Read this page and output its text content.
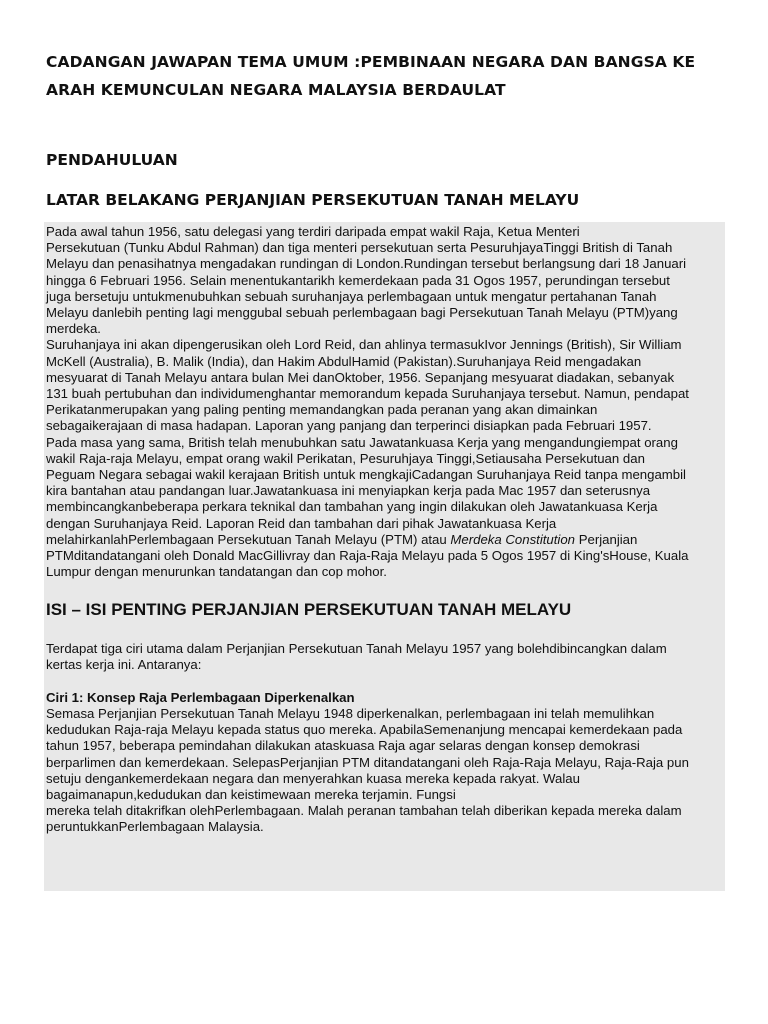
CADANGAN JAWAPAN TEMA UMUM :PEMBINAAN NEGARA DAN BANGSA KE ARAH KEMUNCULAN NEGARA MALAYSIA BERDAULAT
PENDAHULUAN
LATAR BELAKANG PERJANJIAN PERSEKUTUAN TANAH MELAYU

Pada awal tahun 1956, satu delegasi yang terdiri daripada empat wakil Raja, Ketua Menteri
Persekutuan (Tunku Abdul Rahman) dan tiga menteri persekutuan serta PesuruhjayaTinggi British di Tanah
Melayu dan penasihatnya mengadakan rundingan di London.Rundingan tersebut berlangsung dari 18 Januari
hingga 6 Februari 1956. Selain menentukantarikh kemerdekaan pada 31 Ogos 1957, perundingan tersebut
juga bersetuju untukmenubuhkan sebuah suruhanjaya perlembagaan untuk mengatur pertahanan Tanah
Melayu danlebih penting lagi menggubal sebuah perlembagaan bagi Persekutuan Tanah Melayu (PTM)yang
merdeka.
Suruhanjaya ini akan dipengerusikan oleh Lord Reid, dan ahlinya termasukIvor Jennings (British), Sir William
McKell (Australia), B. Malik (India), dan Hakim AbdulHamid (Pakistan).Suruhanjaya Reid mengadakan
mesyuarat di Tanah Melayu antara bulan Mei danOktober, 1956. Sepanjang mesyuarat diadakan, sebanyak
131 buah pertubuhan dan individumenghantar memorandum kepada Suruhanjaya tersebut. Namun, pendapat
Perikatanmerupakan yang paling penting memandangkan pada peranan yang akan dimainkan
sebagaikerajaan di masa hadapan. Laporan yang panjang dan terperinci disiapkan pada Februari 1957.
Pada masa yang sama, British telah menubuhkan satu Jawatankuasa Kerja yang mengandungiempat orang
wakil Raja-raja Melayu, empat orang wakil Perikatan, Pesuruhjaya Tinggi,Setiausaha Persekutuan dan
Peguam Negara sebagai wakil kerajaan British untuk mengkajiCadangan Suruhanjaya Reid tanpa mengambil
kira bantahan atau pandangan luar.Jawatankuasa ini menyiapkan kerja pada Mac 1957 dan seterusnya
membincangkanbeberapa perkara teknikal dan tambahan yang ingin dilakukan oleh Jawatankuasa Kerja
dengan Suruhanjaya Reid. Laporan Reid dan tambahan dari pihak Jawatankuasa Kerja
melahirkanlahPerlembagaan Persekutuan Tanah Melayu (PTM) atau Merdeka Constitution Perjanjian
PTMditandatangani oleh Donald MacGillivray dan Raja-Raja Melayu pada 5 Ogos 1957 di King'sHouse, Kuala
Lumpur dengan menurunkan tandatangan dan cop mohor.

ISI – ISI PENTING PERJANJIAN PERSEKUTUAN TANAH MELAYU

Terdapat tiga ciri utama dalam Perjanjian Persekutuan Tanah Melayu 1957 yang bolehdibincangkan dalam
kertas kerja ini. Antaranya:

Ciri 1: Konsep Raja Perlembagaan Diperkenalkan

Semasa Perjanjian Persekutuan Tanah Melayu 1948 diperkenalkan, perlembagaan ini telah memulihkan
kedudukan Raja-raja Melayu kepada status quo mereka. ApabilaSemenanjung mencapai kemerdekaan pada
tahun 1957, beberapa pemindahan dilakukan ataskuasa Raja agar selaras dengan konsep demokrasi
berparlimen dan kemerdekaan. SelepasPerjanjian PTM ditandatangani oleh Raja-Raja Melayu, Raja-Raja pun
setuju dengankemerdekaan negara dan menyerahkan kuasa mereka kepada rakyat. Walau
bagaimanapun,kedudukan dan keistimewaan mereka terjamin. Fungsi
mereka telah ditakrifkan olehPerlembagaan. Malah peranan tambahan telah diberikan kepada mereka dalam
peruntukkanPerlembagaan Malaysia.
